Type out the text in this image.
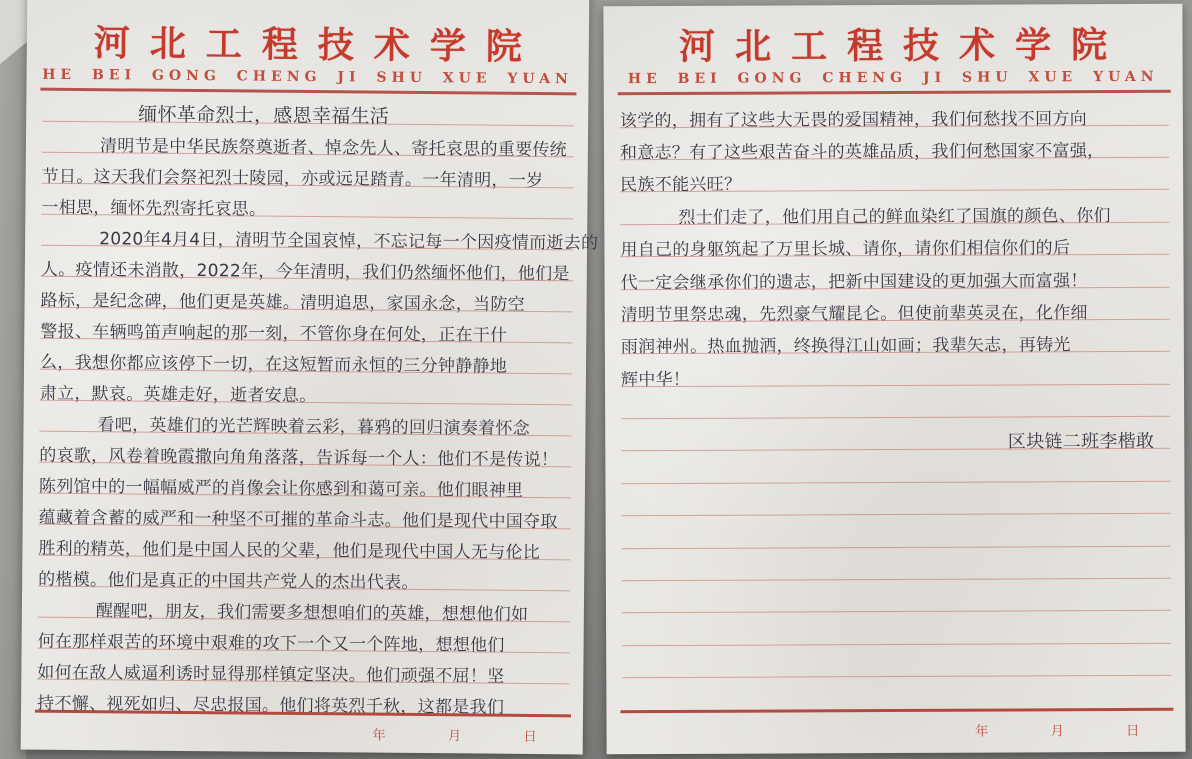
河北工程技术学院
HE BEI GONG CHENG JI SHU XUE YUAN
缅怀革命烈士，感恩幸福生活
清明节是中华民族祭奠逝者、悼念先人、寄托哀思的重要传统
节日。这天我们会祭祀烈士陵园，亦或远足踏青。一年清明，一岁
一相思，缅怀先烈寄托哀思。
2020年4月4日，清明节全国哀悼，不忘记每一个因疫情而逝去的
人。疫情还未消散，2022年，今年清明，我们仍然缅怀他们，他们是
路标，是纪念碑，他们更是英雄。清明追思，家国永念，当防空
警报、车辆鸣笛声响起的那一刻，不管你身在何处，正在干什
么，我想你都应该停下一切，在这短暂而永恒的三分钟静静地
肃立，默哀。英雄走好，逝者安息。
看吧，英雄们的光芒辉映着云彩，暮鸦的回归演奏着怀念
的哀歌，风卷着晚霞撒向角角落落，告诉每一个人：他们不是传说！
陈列馆中的一幅幅威严的肖像会让你感到和蔼可亲。他们眼神里
蕴藏着含蓄的威严和一种坚不可摧的革命斗志。他们是现代中国夺取
胜利的精英，他们是中国人民的父辈，他们是现代中国人无与伦比
的楷模。他们是真正的中国共产党人的杰出代表。
醒醒吧，朋友，我们需要多想想咱们的英雄，想想他们如
何在那样艰苦的环境中艰难的攻下一个又一个阵地，想想他们
如何在敌人威逼利诱时显得那样镇定坚决。他们顽强不屈！坚
持不懈、视死如归、尽忠报国。他们将英烈千秋，这都是我们
年	月	日
河北工程技术学院
HE BEI GONG CHENG JI SHU XUE YUAN
该学的，拥有了这些大无畏的爱国精神，我们何愁找不回方向
和意志？有了这些艰苦奋斗的英雄品质，我们何愁国家不富强，
民族不能兴旺？
烈士们走了，他们用自己的鲜血染红了国旗的颜色、你们
用自己的身躯筑起了万里长城、请你，请你们相信你们的后
代一定会继承你们的遗志，把新中国建设的更加强大而富强！
清明节里祭忠魂，先烈豪气耀昆仑。但使前辈英灵在，化作细
雨润神州。热血抛洒，终换得江山如画；我辈矢志，再铸光
辉中华！
区块链二班李楷敢
年	月	日
